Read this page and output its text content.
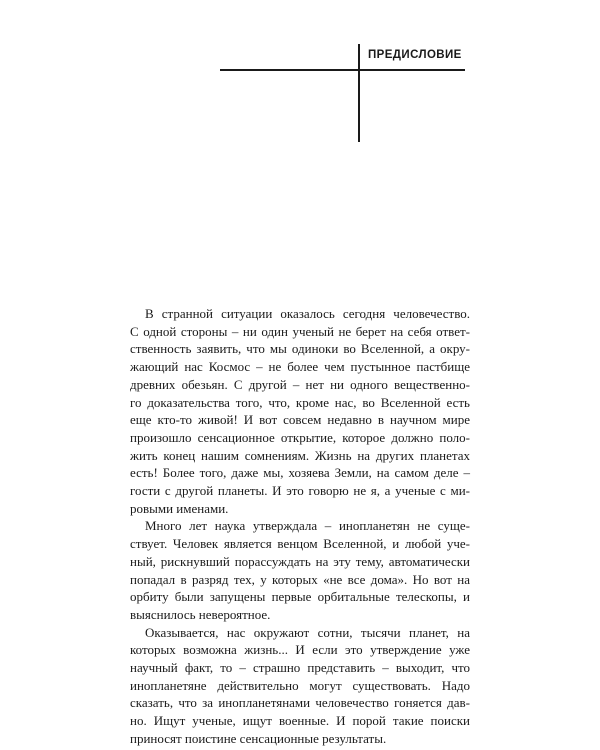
ПРЕДИСЛОВИЕ

В странной ситуации оказалось сегодня человечество.
С одной стороны – ни один ученый не берет на себя ответ-
ственность заявить, что мы одиноки во Вселенной, а окру-
жающий нас Космос – не более чем пустынное пастбище
древних обезьян. С другой – нет ни одного вещественно-
го доказательства того, что, кроме нас, во Вселенной есть
еще кто-то живой! И вот совсем недавно в научном мире
произошло сенсационное открытие, которое должно поло-
жить конец нашим сомнениям. Жизнь на других планетах
есть! Более того, даже мы, хозяева Земли, на самом деле –
гости с другой планеты. И это говорю не я, а ученые с ми-
ровыми именами.

Много лет наука утверждала – инопланетян не суще-
ствует. Человек является венцом Вселенной, и любой уче-
ный, рискнувший порассуждать на эту тему, автоматически
попадал в разряд тех, у которых «не все дома». Но вот на
орбиту были запущены первые орбитальные телескопы, и
выяснилось невероятное.

Оказывается, нас окружают сотни, тысячи планет, на
которых возможна жизнь... И если это утверждение уже
научный факт, то – страшно представить – выходит, что
инопланетяне действительно могут существовать. Надо
сказать, что за инопланетянами человечество гоняется дав-
но. Ищут ученые, ищут военные. И порой такие поиски
приносят поистине сенсационные результаты.
